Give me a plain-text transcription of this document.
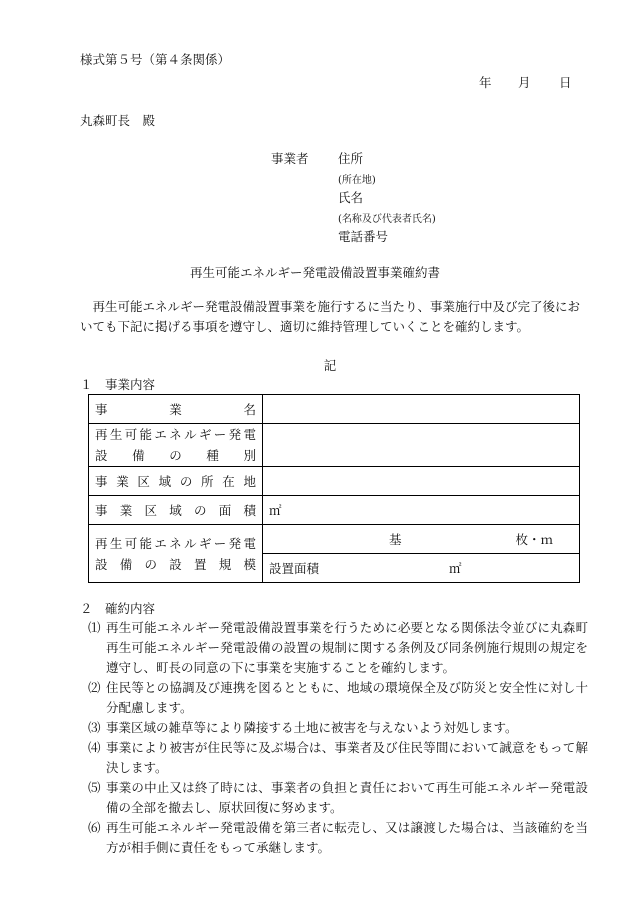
様式第５号（第４条関係）
年 月 日
丸森町長　殿
事業者 住所
(所在地)
氏名
(名称及び代表者氏名)
電話番号
再生可能エネルギー発電設備設置事業確約書
　再生可能エネルギー発電設備設置事業を施行するに当たり、事業施行中及び完了後においても下記に掲げる事項を遵守し、適切に維持管理していくことを確約します。
記
１　事業内容
事業名	

再生可能エネルギー発電
設備の種別	

事業区域の所在地	

事業区域の面積	㎡

再生可能エネルギー発電
設備の設置規模	基 枚・ｍ

	設置面積 ㎡
２　確約内容
⑴ 再生可能エネルギー発電設備設置事業を行うために必要となる関係法令並びに丸森町再生可能エネルギー発電設備の設置の規制に関する条例及び同条例施行規則の規定を遵守し、町長の同意の下に事業を実施することを確約します。
⑵ 住民等との協調及び連携を図るとともに、地域の環境保全及び防災と安全性に対し十分配慮します。
⑶ 事業区域の雑草等により隣接する土地に被害を与えないよう対処します。
⑷ 事業により被害が住民等に及ぶ場合は、事業者及び住民等間において誠意をもって解決します。
⑸ 事業の中止又は終了時には、事業者の負担と責任において再生可能エネルギー発電設備の全部を撤去し、原状回復に努めます。
⑹ 再生可能エネルギー発電設備を第三者に転売し、又は譲渡した場合は、当該確約を当方が相手側に責任をもって承継します。
